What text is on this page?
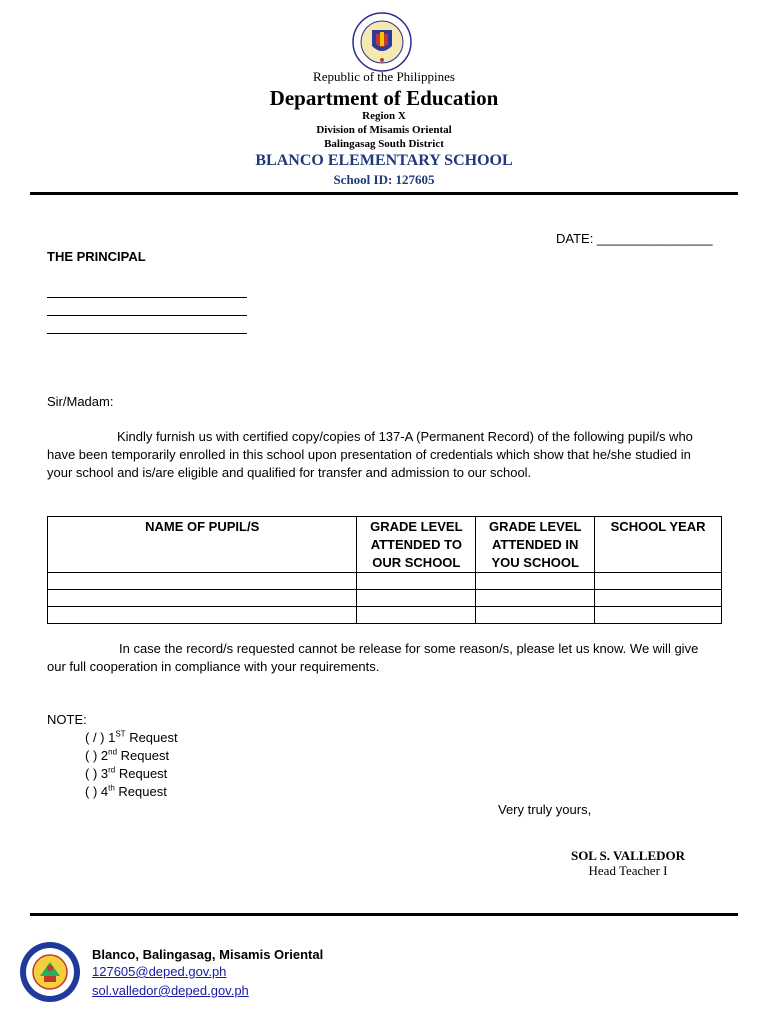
Republic of the Philippines
Department of Education
Region X
Division of Misamis Oriental
Balingasag South District
BLANCO ELEMENTARY SCHOOL
School ID: 127605
DATE: ________________
THE PRINCIPAL
Sir/Madam:
Kindly furnish us with certified copy/copies of 137-A (Permanent Record) of the following pupil/s who have been temporarily enrolled in this school upon presentation of credentials which show that he/she studied in your school and is/are eligible and qualified for transfer and admission to our school.
NAME OF PUPIL/S	GRADE LEVEL ATTENDED TO OUR SCHOOL	GRADE LEVEL ATTENDED IN YOU SCHOOL	SCHOOL YEAR

In case the record/s requested cannot be release for some reason/s, please let us know. We will give our full cooperation in compliance with your requirements.
NOTE:
( / ) 1ST Request
( ) 2nd Request
( ) 3rd Request
( ) 4th Request
Very truly yours,
SOL S. VALLEDOR
Head Teacher I
Blanco, Balingasag, Misamis Oriental
127605@deped.gov.ph
sol.valledor@deped.gov.ph
